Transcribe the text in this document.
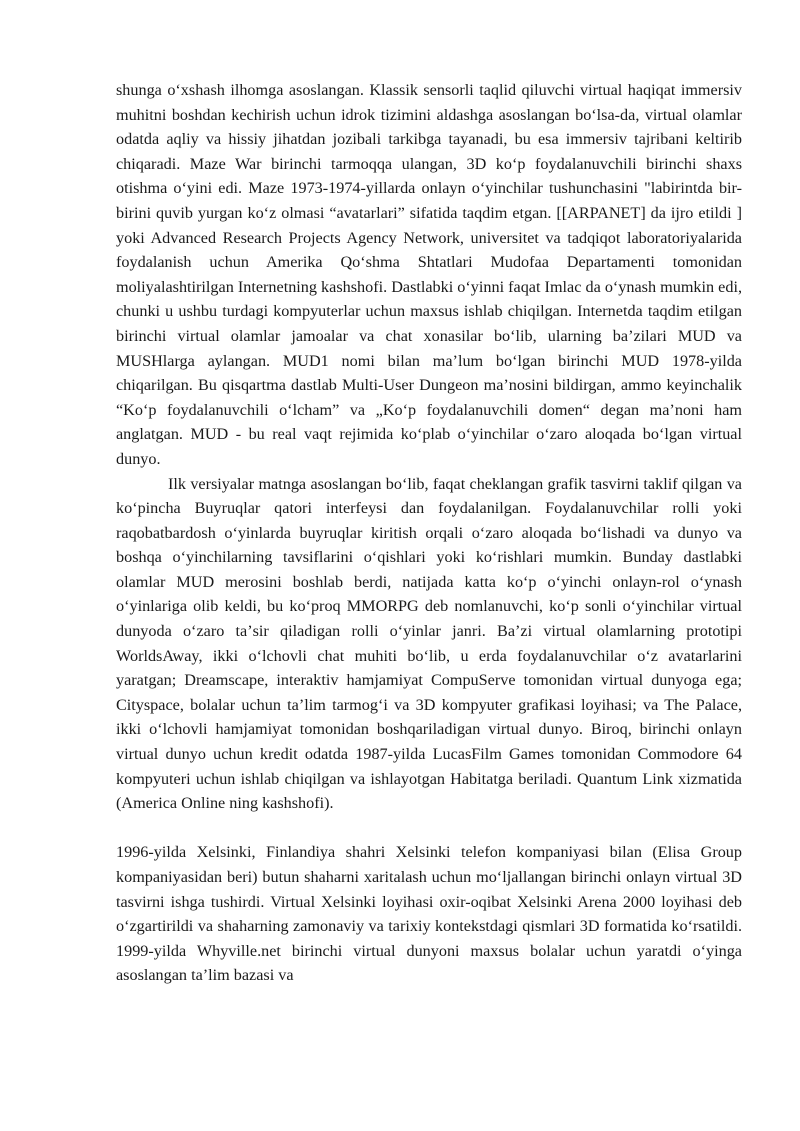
shunga oʻxshash ilhomga asoslangan. Klassik sensorli taqlid qiluvchi virtual haqiqat immersiv muhitni boshdan kechirish uchun idrok tizimini aldashga asoslangan boʻlsa-da, virtual olamlar odatda aqliy va hissiy jihatdan jozibali tarkibga tayanadi, bu esa immersiv tajribani keltirib chiqaradi. Maze War birinchi tarmoqqa ulangan, 3D koʻp foydalanuvchili birinchi shaxs otishma oʻyini edi. Maze 1973-1974-yillarda onlayn oʻyinchilar tushunchasini "labirintda bir-birini quvib yurgan koʻz olmasi “avatarlari” sifatida taqdim etgan. [[ARPANET] da ijro etildi ] yoki Advanced Research Projects Agency Network, universitet va tadqiqot laboratoriyalarida foydalanish uchun Amerika Qoʻshma Shtatlari Mudofaa Departamenti tomonidan moliyalashtirilgan Internetning kashshofi. Dastlabki oʻyinni faqat Imlac da oʻynash mumkin edi, chunki u ushbu turdagi kompyuterlar uchun maxsus ishlab chiqilgan. Internetda taqdim etilgan birinchi virtual olamlar jamoalar va chat xonasilar boʻlib, ularning baʼzilari MUD va MUSHlarga aylangan. MUD1 nomi bilan maʼlum boʻlgan birinchi MUD 1978-yilda chiqarilgan. Bu qisqartma dastlab Multi-User Dungeon maʼnosini bildirgan, ammo keyinchalik “Koʻp foydalanuvchili oʻlcham” va „Koʻp foydalanuvchili domen“ degan maʼnoni ham anglatgan. MUD - bu real vaqt rejimida koʻplab oʻyinchilar oʻzaro aloqada boʻlgan virtual dunyo.

Ilk versiyalar matnga asoslangan boʻlib, faqat cheklangan grafik tasvirni taklif qilgan va koʻpincha Buyruqlar qatori interfeysi dan foydalanilgan. Foydalanuvchilar rolli yoki raqobatbardosh oʻyinlarda buyruqlar kiritish orqali oʻzaro aloqada boʻlishadi va dunyo va boshqa oʻyinchilarning tavsiflarini oʻqishlari yoki koʻrishlari mumkin. Bunday dastlabki olamlar MUD merosini boshlab berdi, natijada katta koʻp oʻyinchi onlayn-rol oʻynash oʻyinlariga olib keldi, bu koʻproq MMORPG deb nomlanuvchi, koʻp sonli oʻyinchilar virtual dunyoda oʻzaro taʼsir qiladigan rolli oʻyinlar janri. Baʼzi virtual olamlarning prototipi WorldsAway, ikki oʻlchovli chat muhiti boʻlib, u erda foydalanuvchilar oʻz avatarlarini yaratgan; Dreamscape, interaktiv hamjamiyat CompuServe tomonidan virtual dunyoga ega; Cityspace, bolalar uchun taʼlim tarmogʻi va 3D kompyuter grafikasi loyihasi; va The Palace, ikki oʻlchovli hamjamiyat tomonidan boshqariladigan virtual dunyo. Biroq, birinchi onlayn virtual dunyo uchun kredit odatda 1987-yilda LucasFilm Games tomonidan Commodore 64 kompyuteri uchun ishlab chiqilgan va ishlayotgan Habitatga beriladi. Quantum Link xizmatida (America Online ning kashshofi).

1996-yilda Xelsinki, Finlandiya shahri Xelsinki telefon kompaniyasi bilan (Elisa Group kompaniyasidan beri) butun shaharni xaritalash uchun moʻljallangan birinchi onlayn virtual 3D tasvirni ishga tushirdi. Virtual Xelsinki loyihasi oxir-oqibat Xelsinki Arena 2000 loyihasi deb oʻzgartirildi va shaharning zamonaviy va tarixiy kontekstdagi qismlari 3D formatida koʻrsatildi. 1999-yilda Whyville.net birinchi virtual dunyoni maxsus bolalar uchun yaratdi oʻyinga asoslangan taʼlim bazasi va
